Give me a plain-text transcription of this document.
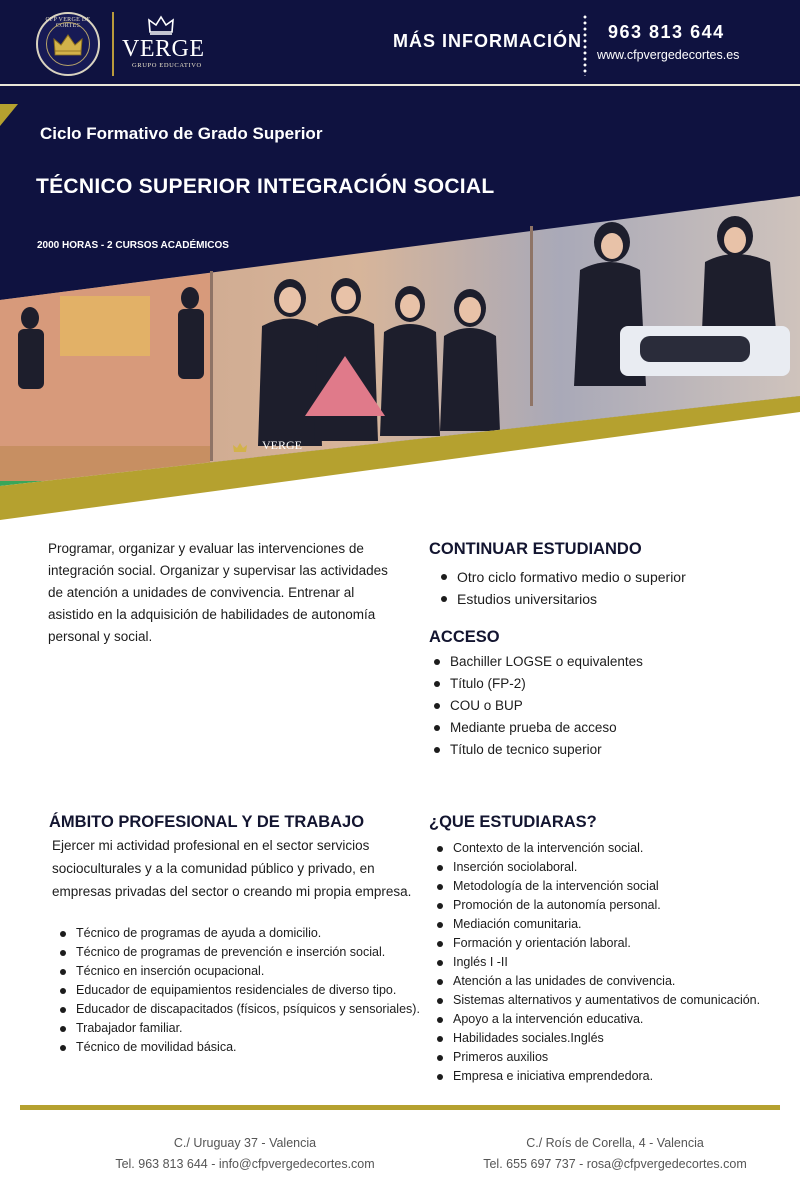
CFP VERGE DE CORTES
VERGE
GRUPO EDUCATIVO
MÁS INFORMACIÓN 963 813 644
www.cfpvergedecortes.es
Ciclo Formativo de Grado Superior
TÉCNICO SUPERIOR INTEGRACIÓN SOCIAL
2000 HORAS - 2 CURSOS ACADÉMICOS
VERGE
Programar, organizar y evaluar las intervenciones de integración social. Organizar y supervisar las actividades de atención a unidades de convivencia. Entrenar al asistido en la adquisición de habilidades de autonomía personal y social.
CONTINUAR ESTUDIANDO
Otro ciclo formativo medio o superior
Estudios universitarios
ACCESO
Bachiller LOGSE o equivalentes
Título (FP-2)
COU o BUP
Mediante prueba de acceso
Título de tecnico superior
ÁMBITO PROFESIONAL Y DE TRABAJO
Ejercer mi actividad profesional en el sector servicios socioculturales y a la comunidad público y privado, en empresas privadas del sector o creando mi propia empresa.
Técnico de programas de ayuda a domicilio.
Técnico de programas de prevención e inserción social.
Técnico en inserción ocupacional.
Educador de equipamientos residenciales de diverso tipo.
Educador de discapacitados (físicos, psíquicos y sensoriales).
Trabajador familiar.
Técnico de movilidad básica.
¿QUE ESTUDIARAS?
Contexto de la intervención social.
Inserción sociolaboral.
Metodología de la intervención social
Promoción de la autonomía personal.
Mediación comunitaria.
Formación y orientación laboral.
Inglés I -II
Atención a las unidades de convivencia.
Sistemas alternativos y aumentativos de comunicación.
Apoyo a la intervención educativa.
Habilidades sociales.Inglés
Primeros auxilios
Empresa e iniciativa emprendedora.
C./ Uruguay 37 - Valencia
Tel. 963 813 644 - info@cfpvergedecortes.com
C./ Roís de Corella, 4 - Valencia
Tel. 655 697 737 - rosa@cfpvergedecortes.com
